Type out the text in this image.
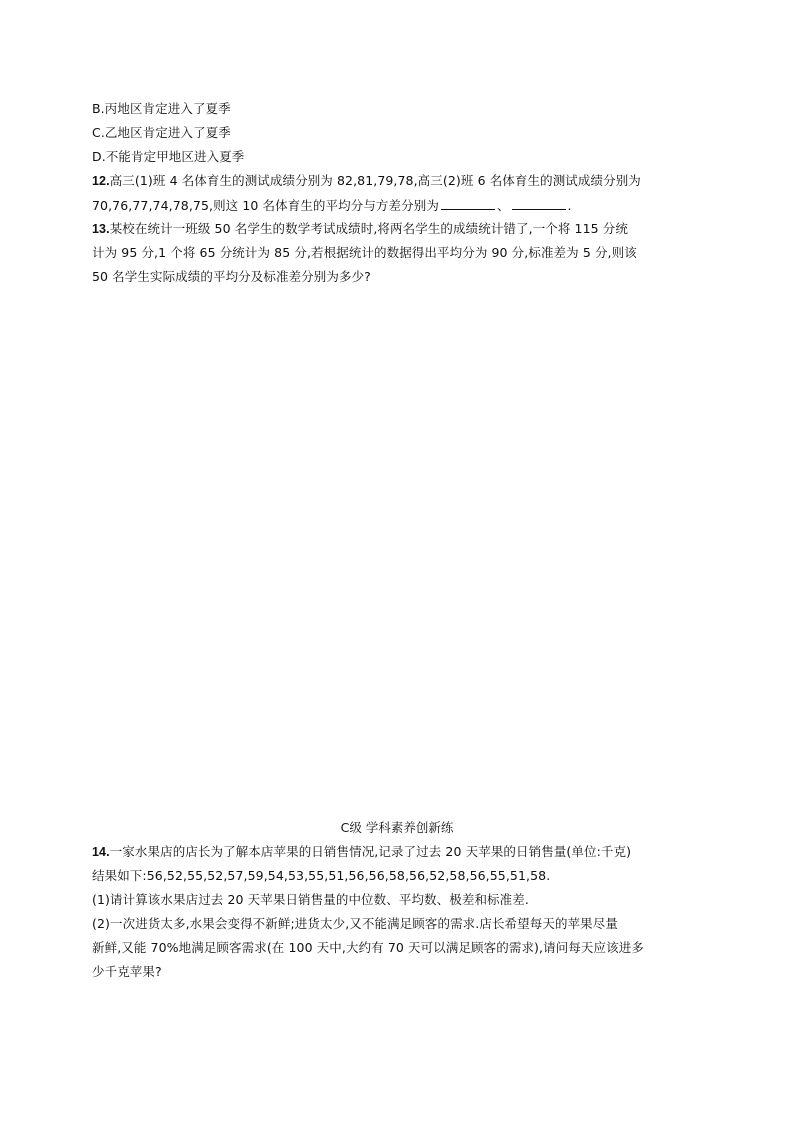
B.丙地区肯定进入了夏季
C.乙地区肯定进入了夏季
D.不能肯定甲地区进入夏季
12.高三(1)班 4 名体育生的测试成绩分别为 82,81,79,78,高三(2)班 6 名体育生的测试成绩分别为
70,76,77,74,78,75,则这 10 名体育生的平均分与方差分别为	、	.
13.某校在统计一班级 50 名学生的数学考试成绩时,将两名学生的成绩统计错了,一个将 115 分统
计为 95 分,1 个将 65 分统计为 85 分,若根据统计的数据得出平均分为 90 分,标准差为 5 分,则该
50 名学生实际成绩的平均分及标准差分别为多少?
C级 学科素养创新练
14.一家水果店的店长为了解本店苹果的日销售情况,记录了过去 20 天苹果的日销售量(单位:千克)
结果如下:56,52,55,52,57,59,54,53,55,51,56,56,58,56,52,58,56,55,51,58.
(1)请计算该水果店过去 20 天苹果日销售量的中位数、平均数、极差和标准差.
(2)一次进货太多,水果会变得不新鲜;进货太少,又不能满足顾客的需求.店长希望每天的苹果尽量
新鲜,又能 70%地满足顾客需求(在 100 天中,大约有 70 天可以满足顾客的需求),请问每天应该进多
少千克苹果?
